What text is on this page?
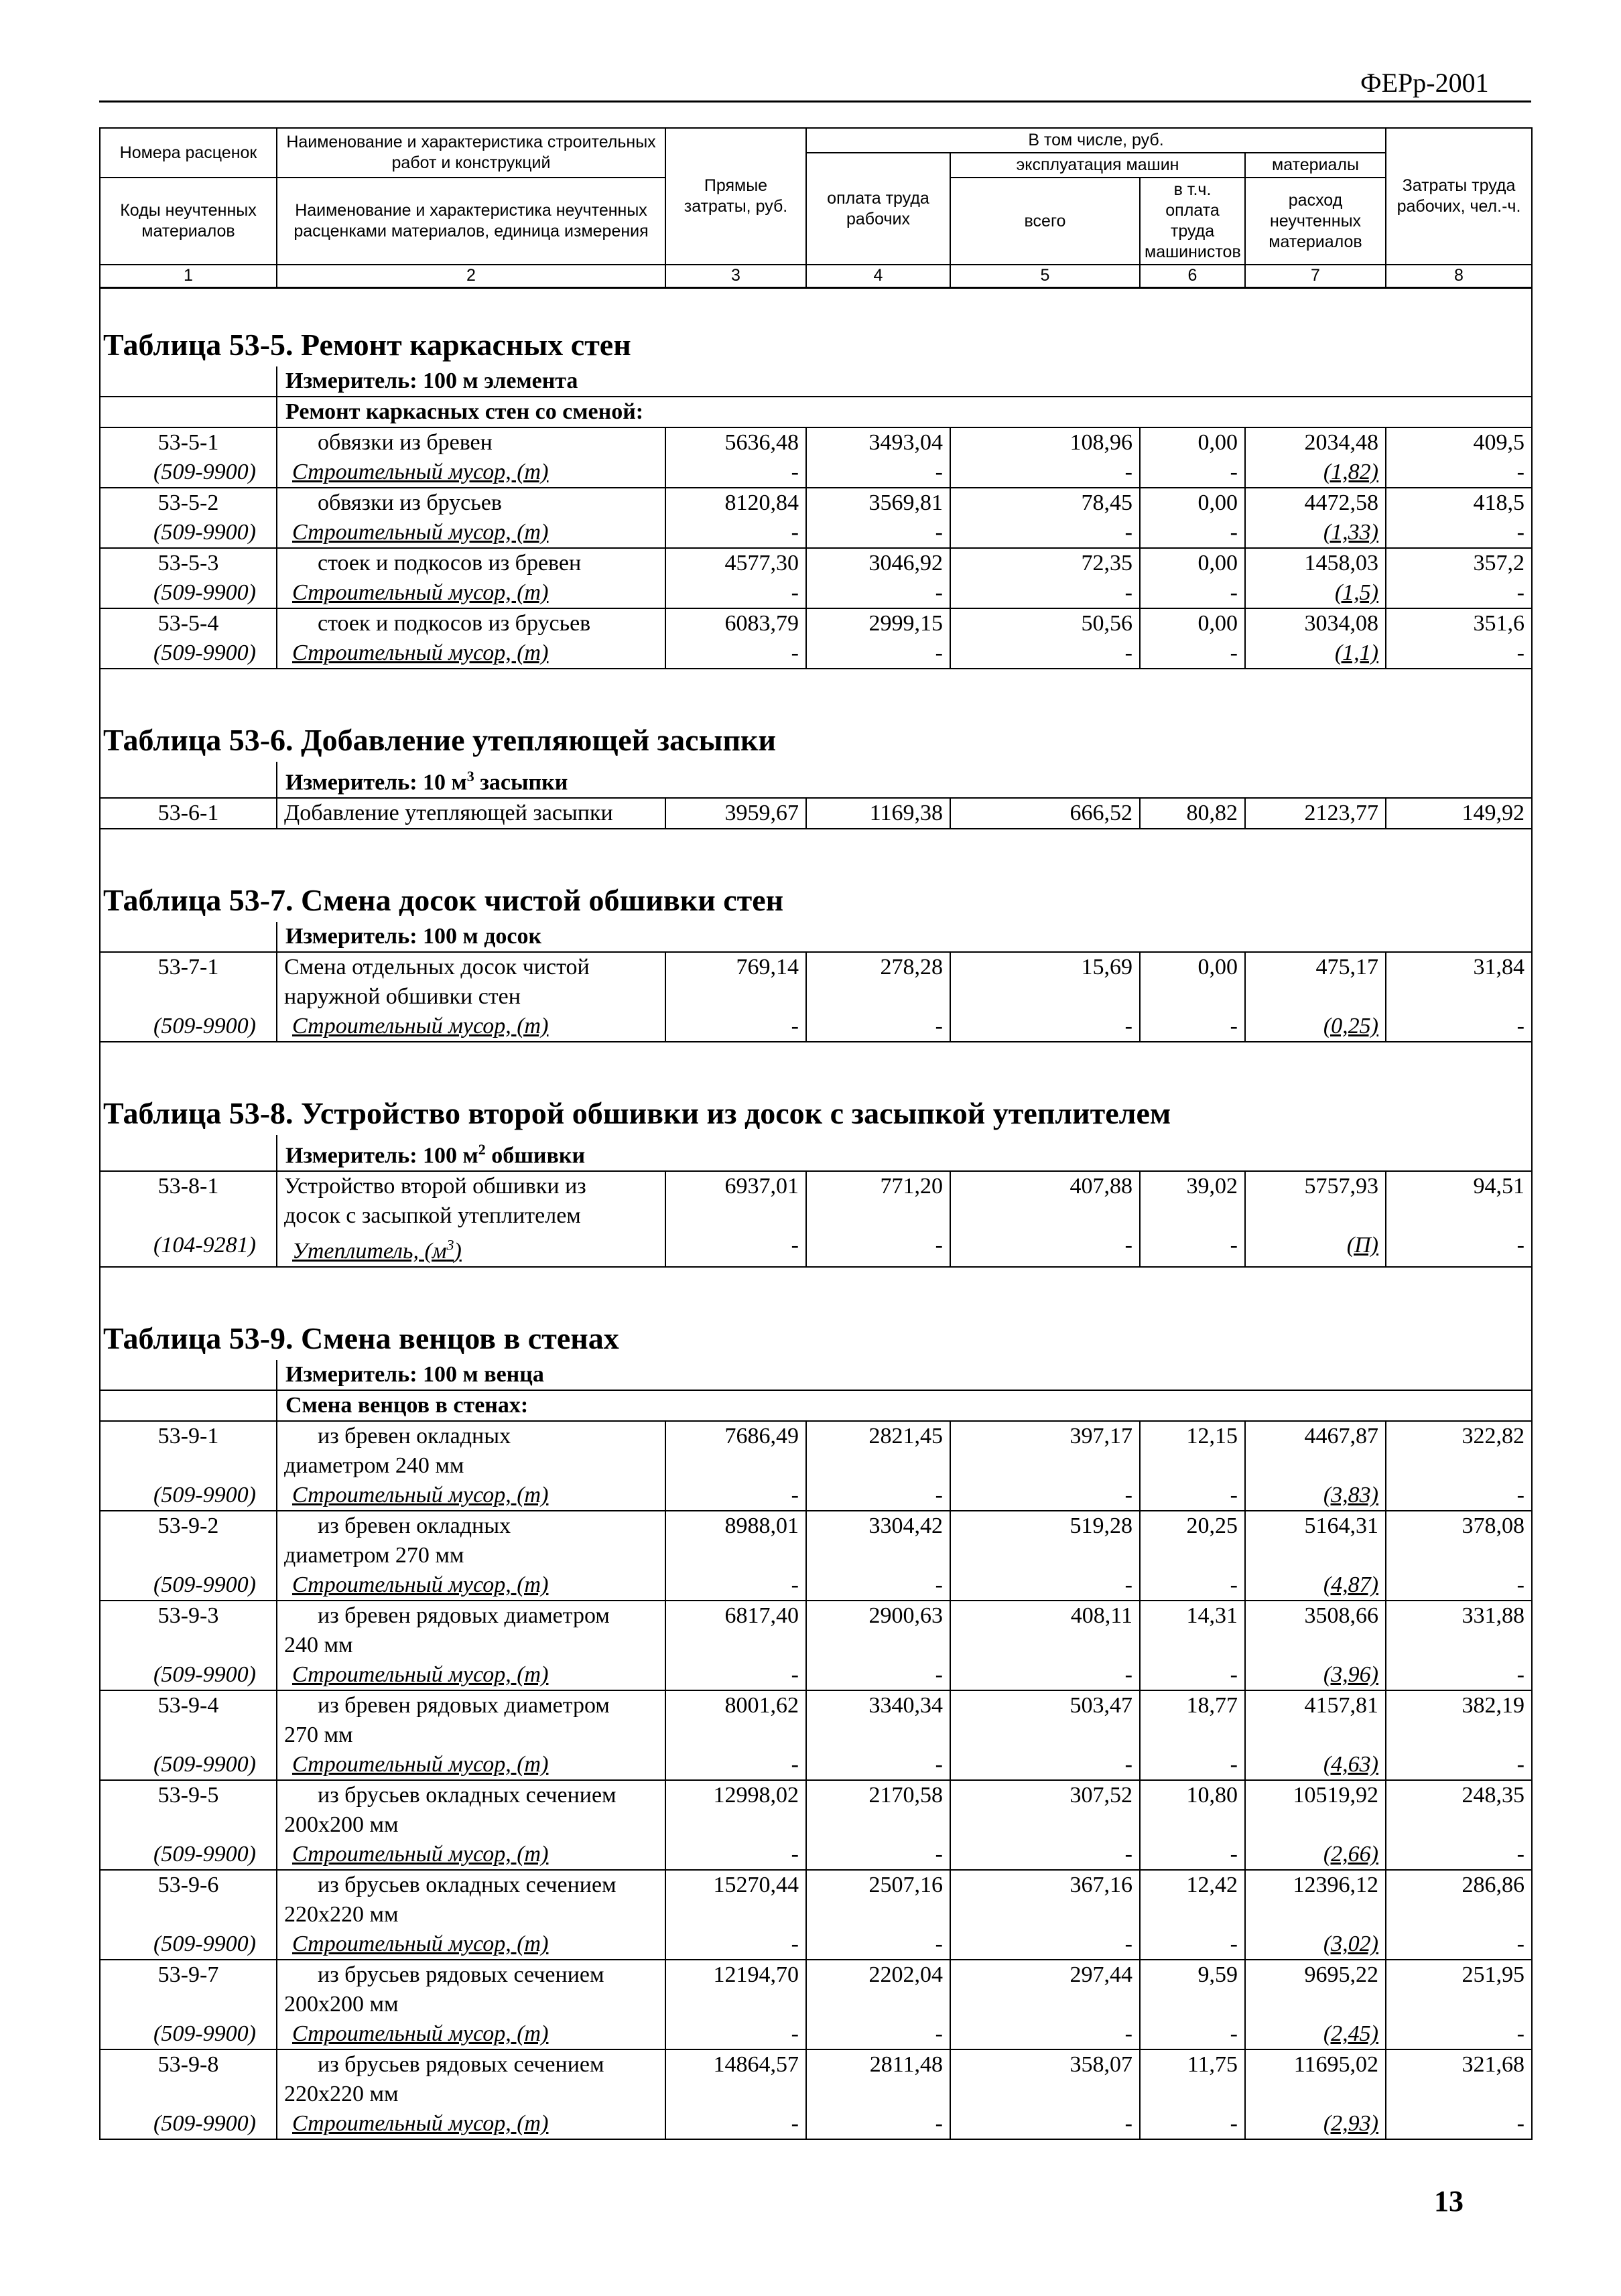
ФЕРр-2001
Номера расценок	Наименование и характеристика строительных работ и конструкций	Прямые затраты, руб.	В том числе, руб.				Затраты труда рабочих, чел.-ч.
			оплата труда рабочих	эксплуатация машин		материалы	
Коды неучтенных материалов	Наименование и характеристика неучтенных расценками материалов, единица измерения			всего	в т.ч. оплата труда машинистов	расход неучтенных материалов	

1	2	3	4	5	6	7	8

Таблица 53-5. Ремонт каркасных стен							
	Измеритель: 100 м элемента						
	Ремонт каркасных стен со сменой:						
53-5-1	обвязки из бревен	5636,48	3493,04	108,96	0,00	2034,48	409,5
(509-9900)	Строительный мусор, (т)	-	-	-	-	(1,82)	-
53-5-2	обвязки из брусьев	8120,84	3569,81	78,45	0,00	4472,58	418,5
(509-9900)	Строительный мусор, (т)	-	-	-	-	(1,33)	-
53-5-3	стоек и подкосов из бревен	4577,30	3046,92	72,35	0,00	1458,03	357,2
(509-9900)	Строительный мусор, (т)	-	-	-	-	(1,5)	-
53-5-4	стоек и подкосов из брусьев	6083,79	2999,15	50,56	0,00	3034,08	351,6
(509-9900)	Строительный мусор, (т)	-	-	-	-	(1,1)	-

Таблица 53-6. Добавление утепляющей засыпки							
	Измеритель: 10 $м^3$ засыпки						
53-6-1	Добавление утепляющей засыпки	3959,67	1169,38	666,52	80,82	2123,77	149,92

Таблица 53-7. Смена досок чистой обшивки стен							
	Измеритель: 100 м досок						
53-7-1	Смена отдельных досок чистой
наружной обшивки стен	769,14	278,28	15,69	0,00	475,17	31,84
(509-9900)	Строительный мусор, (т)	-	-	-	-	(0,25)	-

Таблица 53-8. Устройство второй обшивки из досок с засыпкой утеплителем							
	Измеритель: 100 $м^2$ обшивки						
53-8-1	Устройство второй обшивки из
досок с засыпкой утеплителем	6937,01	771,20	407,88	39,02	5757,93	94,51
(104-9281)	Утеплитель, $(м^3)$	-	-	-	-	(П)	-

Таблица 53-9. Смена венцов в стенах							
	Измеритель: 100 м венца						
	Смена венцов в стенах:						
53-9-1	из бревен окладных
диаметром 240 мм	7686,49	2821,45	397,17	12,15	4467,87	322,82
(509-9900)	Строительный мусор, (т)	-	-	-	-	(3,83)	-
53-9-2	из бревен окладных
диаметром 270 мм	8988,01	3304,42	519,28	20,25	5164,31	378,08
(509-9900)	Строительный мусор, (т)	-	-	-	-	(4,87)	-
53-9-3	из бревен рядовых диаметром
240 мм	6817,40	2900,63	408,11	14,31	3508,66	331,88
(509-9900)	Строительный мусор, (т)	-	-	-	-	(3,96)	-
53-9-4	из бревен рядовых диаметром
270 мм	8001,62	3340,34	503,47	18,77	4157,81	382,19
(509-9900)	Строительный мусор, (т)	-	-	-	-	(4,63)	-
53-9-5	из брусьев окладных сечением
200x200 мм	12998,02	2170,58	307,52	10,80	10519,92	248,35
(509-9900)	Строительный мусор, (т)	-	-	-	-	(2,66)	-
53-9-6	из брусьев окладных сечением
220x220 мм	15270,44	2507,16	367,16	12,42	12396,12	286,86
(509-9900)	Строительный мусор, (т)	-	-	-	-	(3,02)	-
53-9-7	из брусьев рядовых сечением
200x200 мм	12194,70	2202,04	297,44	9,59	9695,22	251,95
(509-9900)	Строительный мусор, (т)	-	-	-	-	(2,45)	-
53-9-8	из брусьев рядовых сечением
220x220 мм	14864,57	2811,48	358,07	11,75	11695,02	321,68
(509-9900)	Строительный мусор, (т)	-	-	-	-	(2,93)	-
13
